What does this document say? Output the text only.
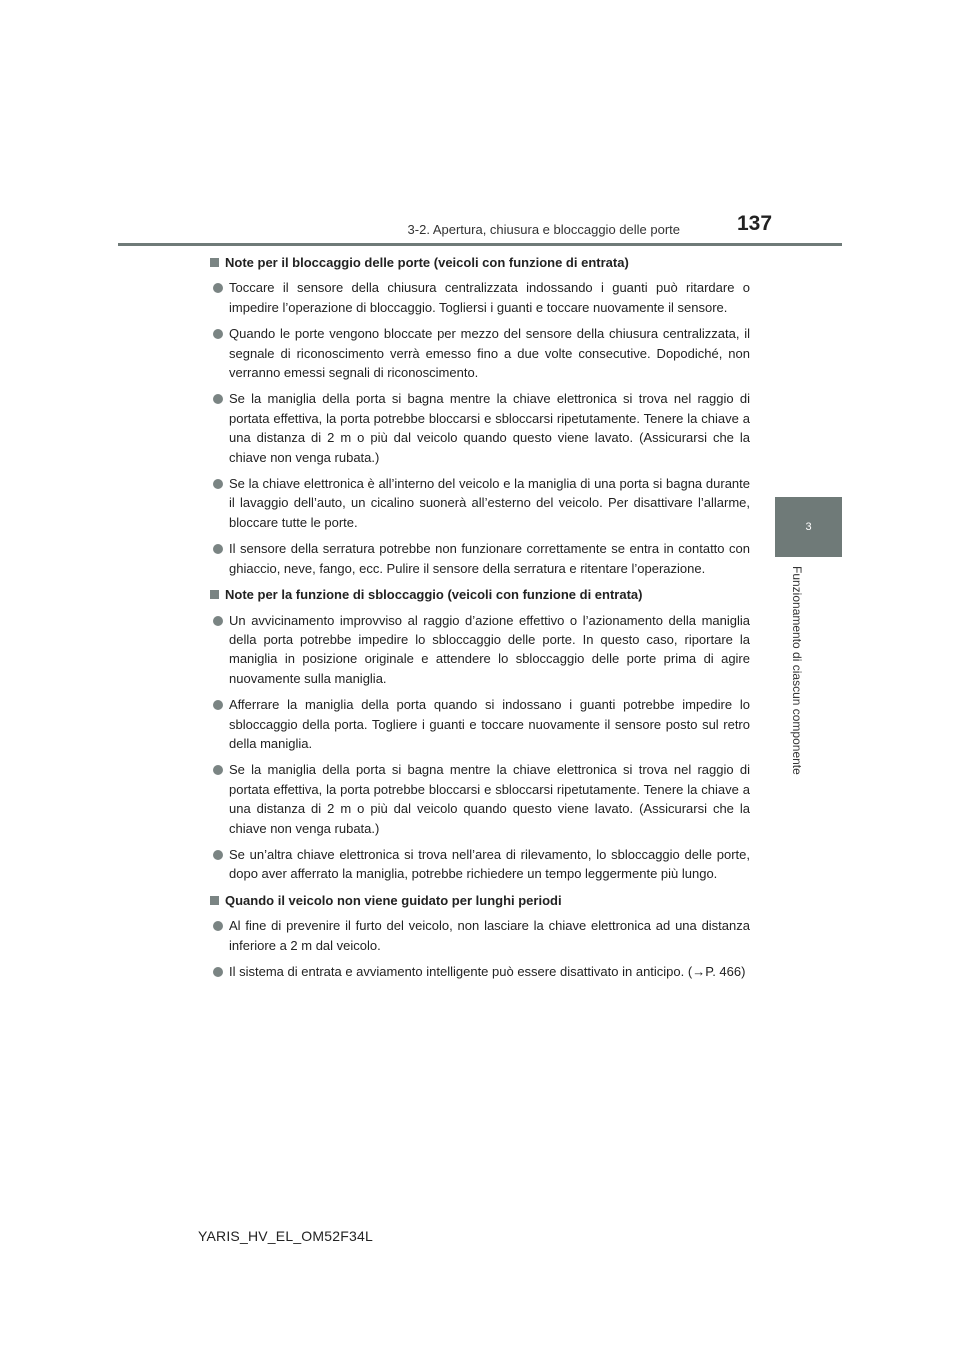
3-2. Apertura, chiusura e bloccaggio delle porte	137
3
Funzionamento di ciascun componente
Note per il bloccaggio delle porte (veicoli con funzione di entrata)
Toccare il sensore della chiusura centralizzata indossando i guanti può ritardare o impedire l’operazione di bloccaggio. Togliersi i guanti e toccare nuovamente il sensore.
Quando le porte vengono bloccate per mezzo del sensore della chiusura centralizzata, il segnale di riconoscimento verrà emesso fino a due volte consecutive. Dopodiché, non verranno emessi segnali di riconoscimento.
Se la maniglia della porta si bagna mentre la chiave elettronica si trova nel raggio di portata effettiva, la porta potrebbe bloccarsi e sbloccarsi ripetutamente. Tenere la chiave a una distanza di 2 m o più dal veicolo quando questo viene lavato. (Assicurarsi che la chiave non venga rubata.)
Se la chiave elettronica è all’interno del veicolo e la maniglia di una porta si bagna durante il lavaggio dell’auto, un cicalino suonerà all’esterno del veicolo. Per disattivare l’allarme, bloccare tutte le porte.
Il sensore della serratura potrebbe non funzionare correttamente se entra in contatto con ghiaccio, neve, fango, ecc. Pulire il sensore della serratura e ritentare l’operazione.
Note per la funzione di sbloccaggio (veicoli con funzione di entrata)
Un avvicinamento improvviso al raggio d’azione effettivo o l’azionamento della maniglia della porta potrebbe impedire lo sbloccaggio delle porte. In questo caso, riportare la maniglia in posizione originale e attendere lo sbloccaggio delle porte prima di agire nuovamente sulla maniglia.
Afferrare la maniglia della porta quando si indossano i guanti potrebbe impedire lo sbloccaggio della porta. Togliere i guanti e toccare nuovamente il sensore posto sul retro della maniglia.
Se la maniglia della porta si bagna mentre la chiave elettronica si trova nel raggio di portata effettiva, la porta potrebbe bloccarsi e sbloccarsi ripetutamente. Tenere la chiave a una distanza di 2 m o più dal veicolo quando questo viene lavato. (Assicurarsi che la chiave non venga rubata.)
Se un’altra chiave elettronica si trova nell’area di rilevamento, lo sbloccaggio delle porte, dopo aver afferrato la maniglia, potrebbe richiedere un tempo leggermente più lungo.
Quando il veicolo non viene guidato per lunghi periodi
Al fine di prevenire il furto del veicolo, non lasciare la chiave elettronica ad una distanza inferiore a 2 m dal veicolo.
Il sistema di entrata e avviamento intelligente può essere disattivato in anticipo. (→P. 466)
YARIS_HV_EL_OM52F34L
